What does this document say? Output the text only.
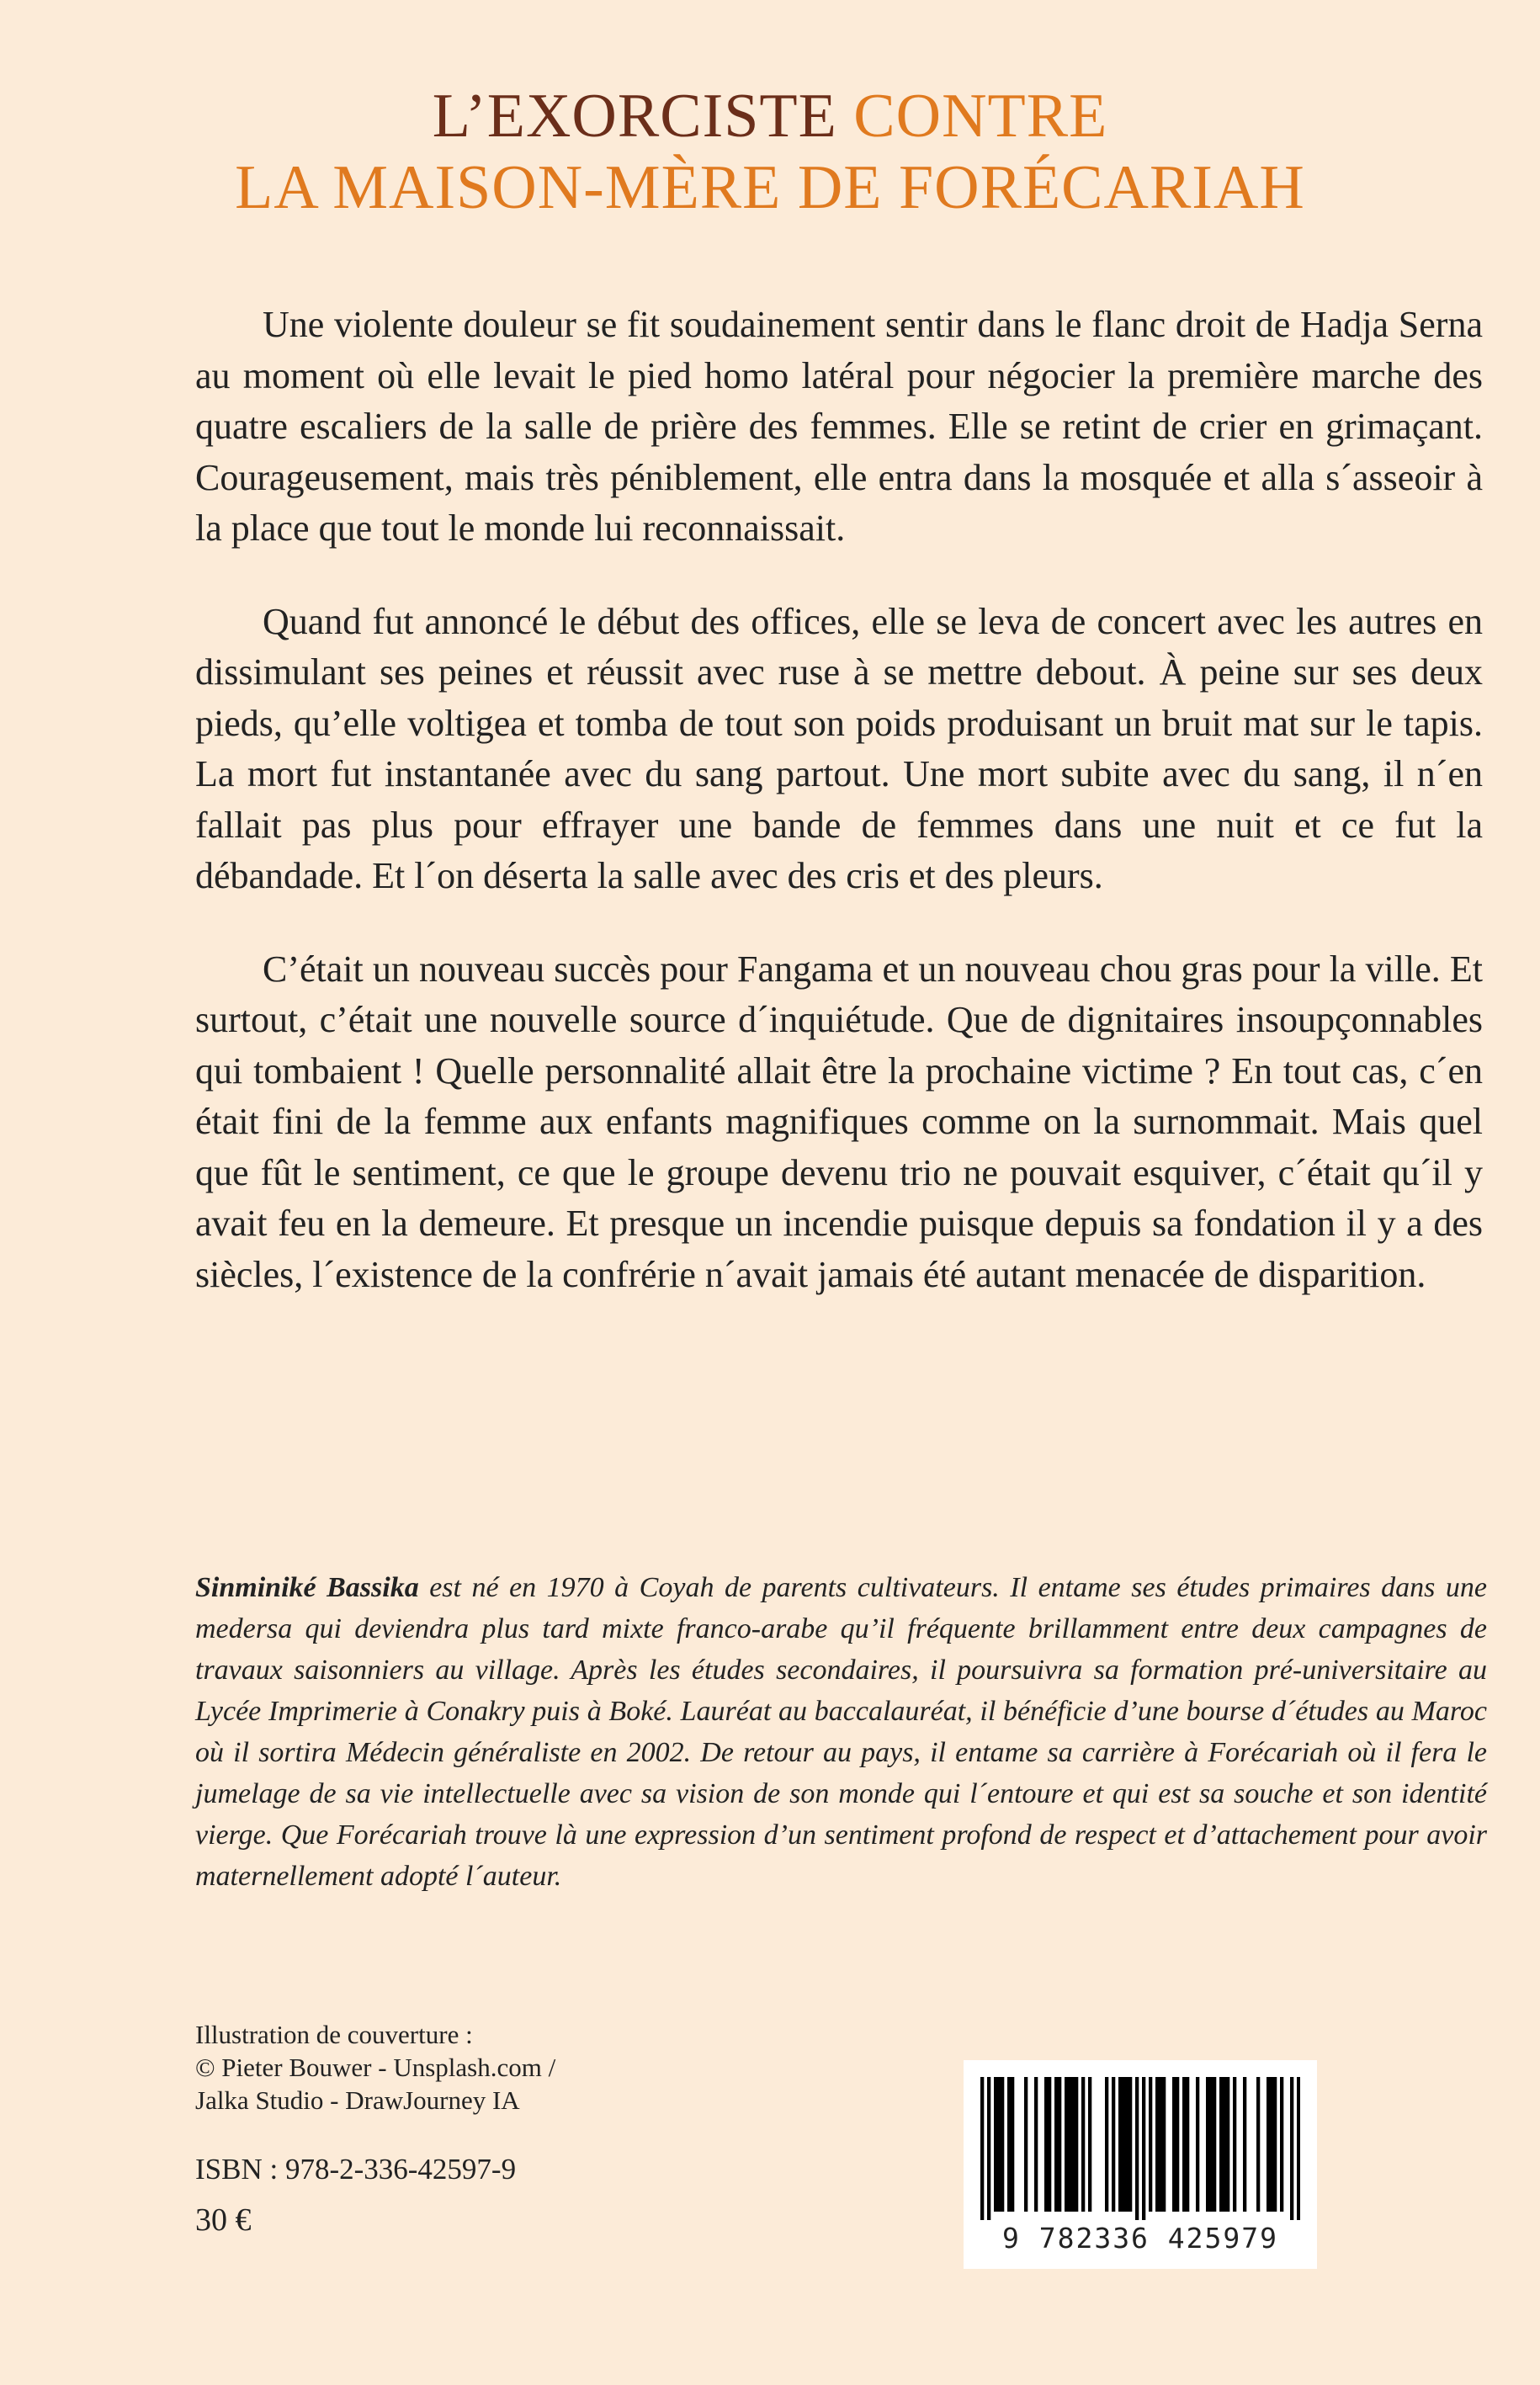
L’EXORCISTE CONTRE
LA MAISON-MÈRE DE FORÉCARIAH

Une violente douleur se fit soudainement sentir dans le flanc droit de Hadja Serna au moment où elle levait le pied homo latéral pour négocier la première marche des quatre escaliers de la salle de prière des femmes. Elle se retint de crier en grimaçant. Courageusement, mais très péniblement, elle entra dans la mosquée et alla s´asseoir à la place que tout le monde lui reconnaissait.

Quand fut annoncé le début des offices, elle se leva de concert avec les autres en dissimulant ses peines et réussit avec ruse à se mettre debout. À peine sur ses deux pieds, qu’elle voltigea et tomba de tout son poids produisant un bruit mat sur le tapis. La mort fut instantanée avec du sang partout. Une mort subite avec du sang, il n´en fallait pas plus pour effrayer une bande de femmes dans une nuit et ce fut la débandade. Et l´on déserta la salle avec des cris et des pleurs.

C’était un nouveau succès pour Fangama et un nouveau chou gras pour la ville. Et surtout, c’était une nouvelle source d´inquiétude. Que de dignitaires insoupçonnables qui tombaient ! Quelle personnalité allait être la prochaine victime ? En tout cas, c´en était fini de la femme aux enfants magnifiques comme on la surnommait. Mais quel que fût le sentiment, ce que le groupe devenu trio ne pouvait esquiver, c´était qu´il y avait feu en la demeure. Et presque un incendie puisque depuis sa fondation il y a des siècles, l´existence de la confrérie n´avait jamais été autant menacée de disparition.

Sinminiké Bassika est né en 1970 à Coyah de parents cultivateurs. Il entame ses études primaires dans une medersa qui deviendra plus tard mixte franco-arabe qu’il fréquente brillamment entre deux campagnes de travaux saisonniers au village. Après les études secondaires, il poursuivra sa formation pré-universitaire au Lycée Imprimerie à Conakry puis à Boké. Lauréat au baccalauréat, il bénéficie d’une bourse d´études au Maroc où il sortira Médecin généraliste en 2002. De retour au pays, il entame sa carrière à Forécariah où il fera le jumelage de sa vie intellectuelle avec sa vision de son monde qui l´entoure et qui est sa souche et son identité vierge. Que Forécariah trouve là une expression d’un sentiment profond de respect et d’attachement pour avoir maternellement adopté l´auteur.

Illustration de couverture :
© Pieter Bouwer - Unsplash.com /
Jalka Studio - DrawJourney IA
ISBN : 978-2-336-42597-9
30 €
9 782336 425979
